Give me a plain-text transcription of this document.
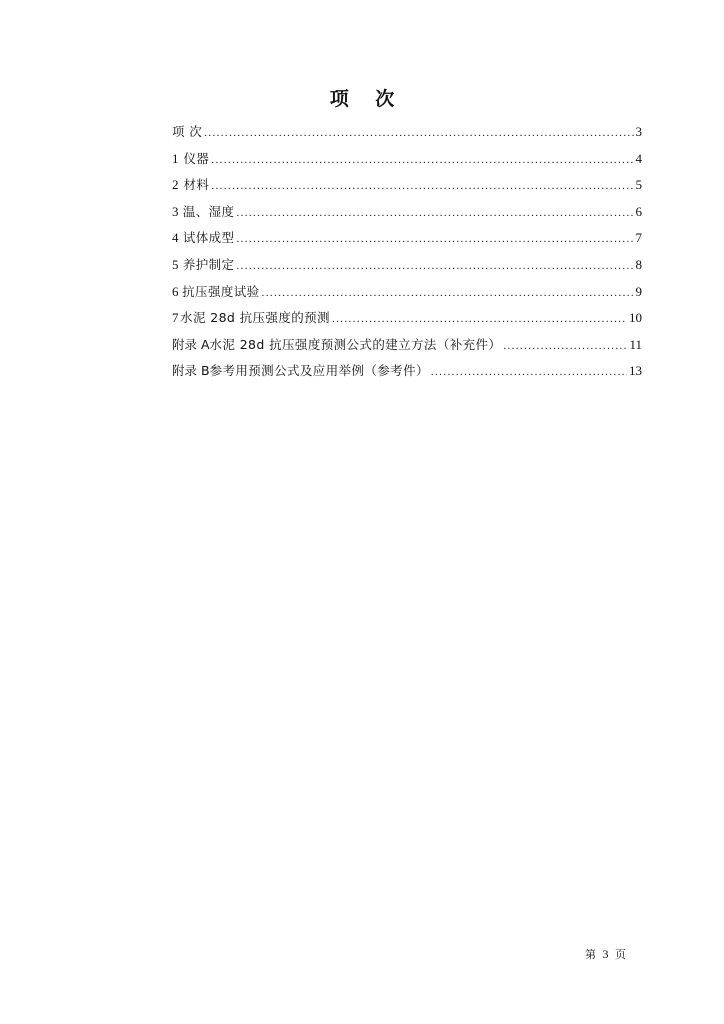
项 次
项 次 .....	3
1 仪器 .....	4
2 材料 .....	5
3 温、湿度 .....	6
4 试体成型 .....	7
5 养护制定 .....	8
6 抗压强度试验 .....	9
7 水泥 28d 抗压强度的预测 .....	10
附录 A 水泥 28d 抗压强度预测公式的建立方法（补充件） .....	11
附录 B 参考用预测公式及应用举例（参考件） .....	13
第 3 页
